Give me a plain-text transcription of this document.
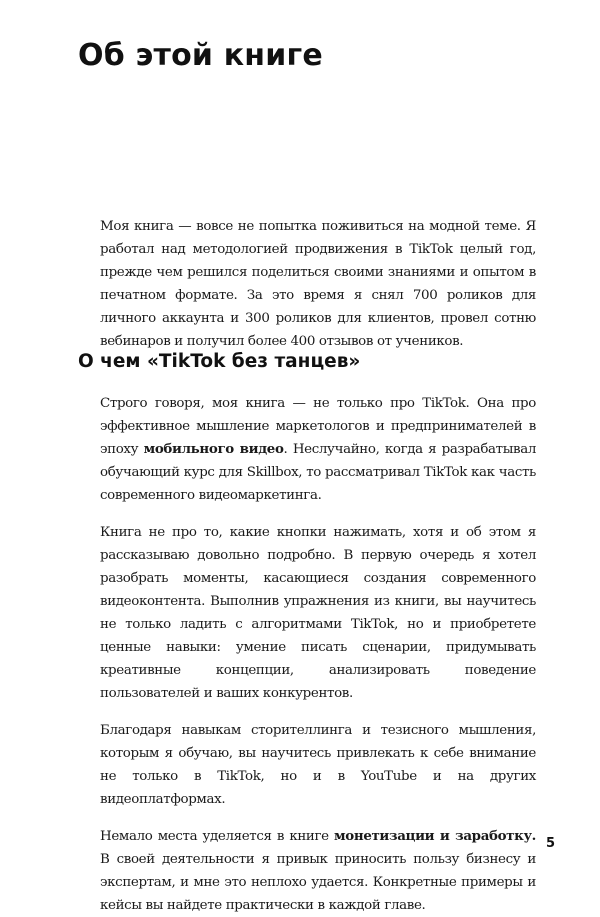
Об этой книге

Моя книга — вовсе не попытка поживиться на модной теме. Я работал над методологией продвижения в TikTok целый год, прежде чем решился поделиться своими знаниями и опытом в печатном формате. За это время я снял 700 роликов для личного аккаунта и 300 роликов для клиентов, провел сотню вебинаров и получил более 400 отзывов от учеников.

О чем «TikTok без танцев»

Строго говоря, моя книга — не только про TikTok. Она про эффективное мышление маркетологов и предпринимателей в эпоху мобильного видео. Неслучайно, когда я разрабатывал обучающий курс для Skillbox, то рассматривал TikTok как часть современного видеомаркетинга.

Книга не про то, какие кнопки нажимать, хотя и об этом я рассказываю довольно подробно. В первую очередь я хотел разобрать моменты, касающиеся создания современного видеоконтента. Выполнив упражнения из книги, вы научитесь не только ладить с алгоритмами TikTok, но и приобретете ценные навыки: умение писать сценарии, придумывать креативные концепции, анализировать поведение пользователей и ваших конкурентов.

Благодаря навыкам сторителлинга и тезисного мышления, которым я обучаю, вы научитесь привлекать к себе внимание не только в TikTok, но и в YouTube и на других видеоплатформах.

Немало места уделяется в книге монетизации и заработку. В своей деятельности я привык приносить пользу бизнесу и экспертам, и мне это неплохо удается. Конкретные примеры и кейсы вы найдете практически в каждой главе.

5
